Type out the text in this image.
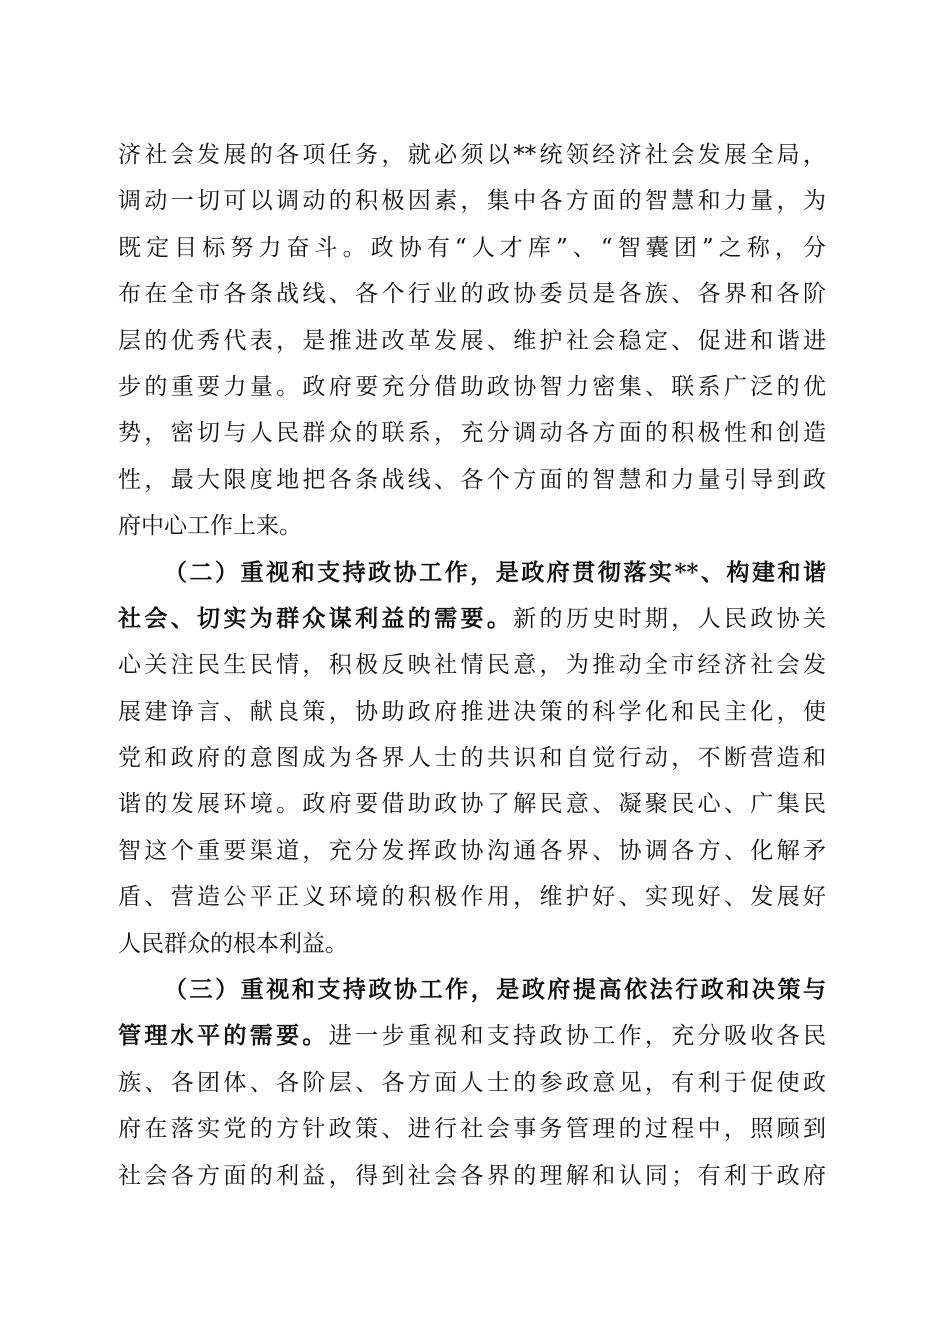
济社会发展的各项任务，就必须以**统领经济社会发展全局，
调动一切可以调动的积极因素，集中各方面的智慧和力量，为
既定目标努力奋斗。政协有“人才库”、“智囊团”之称，分
布在全市各条战线、各个行业的政协委员是各族、各界和各阶
层的优秀代表，是推进改革发展、维护社会稳定、促进和谐进
步的重要力量。政府要充分借助政协智力密集、联系广泛的优
势，密切与人民群众的联系，充分调动各方面的积极性和创造
性，最大限度地把各条战线、各个方面的智慧和力量引导到政
府中心工作上来。
（二）重视和支持政协工作，是政府贯彻落实**、构建和谐
社会、切实为群众谋利益的需要。新的历史时期，人民政协关
心关注民生民情，积极反映社情民意，为推动全市经济社会发
展建诤言、献良策，协助政府推进决策的科学化和民主化，使
党和政府的意图成为各界人士的共识和自觉行动，不断营造和
谐的发展环境。政府要借助政协了解民意、凝聚民心、广集民
智这个重要渠道，充分发挥政协沟通各界、协调各方、化解矛
盾、营造公平正义环境的积极作用，维护好、实现好、发展好
人民群众的根本利益。
（三）重视和支持政协工作，是政府提高依法行政和决策与
管理水平的需要。进一步重视和支持政协工作，充分吸收各民
族、各团体、各阶层、各方面人士的参政意见，有利于促使政
府在落实党的方针政策、进行社会事务管理的过程中，照顾到
社会各方面的利益，得到社会各界的理解和认同；有利于政府
